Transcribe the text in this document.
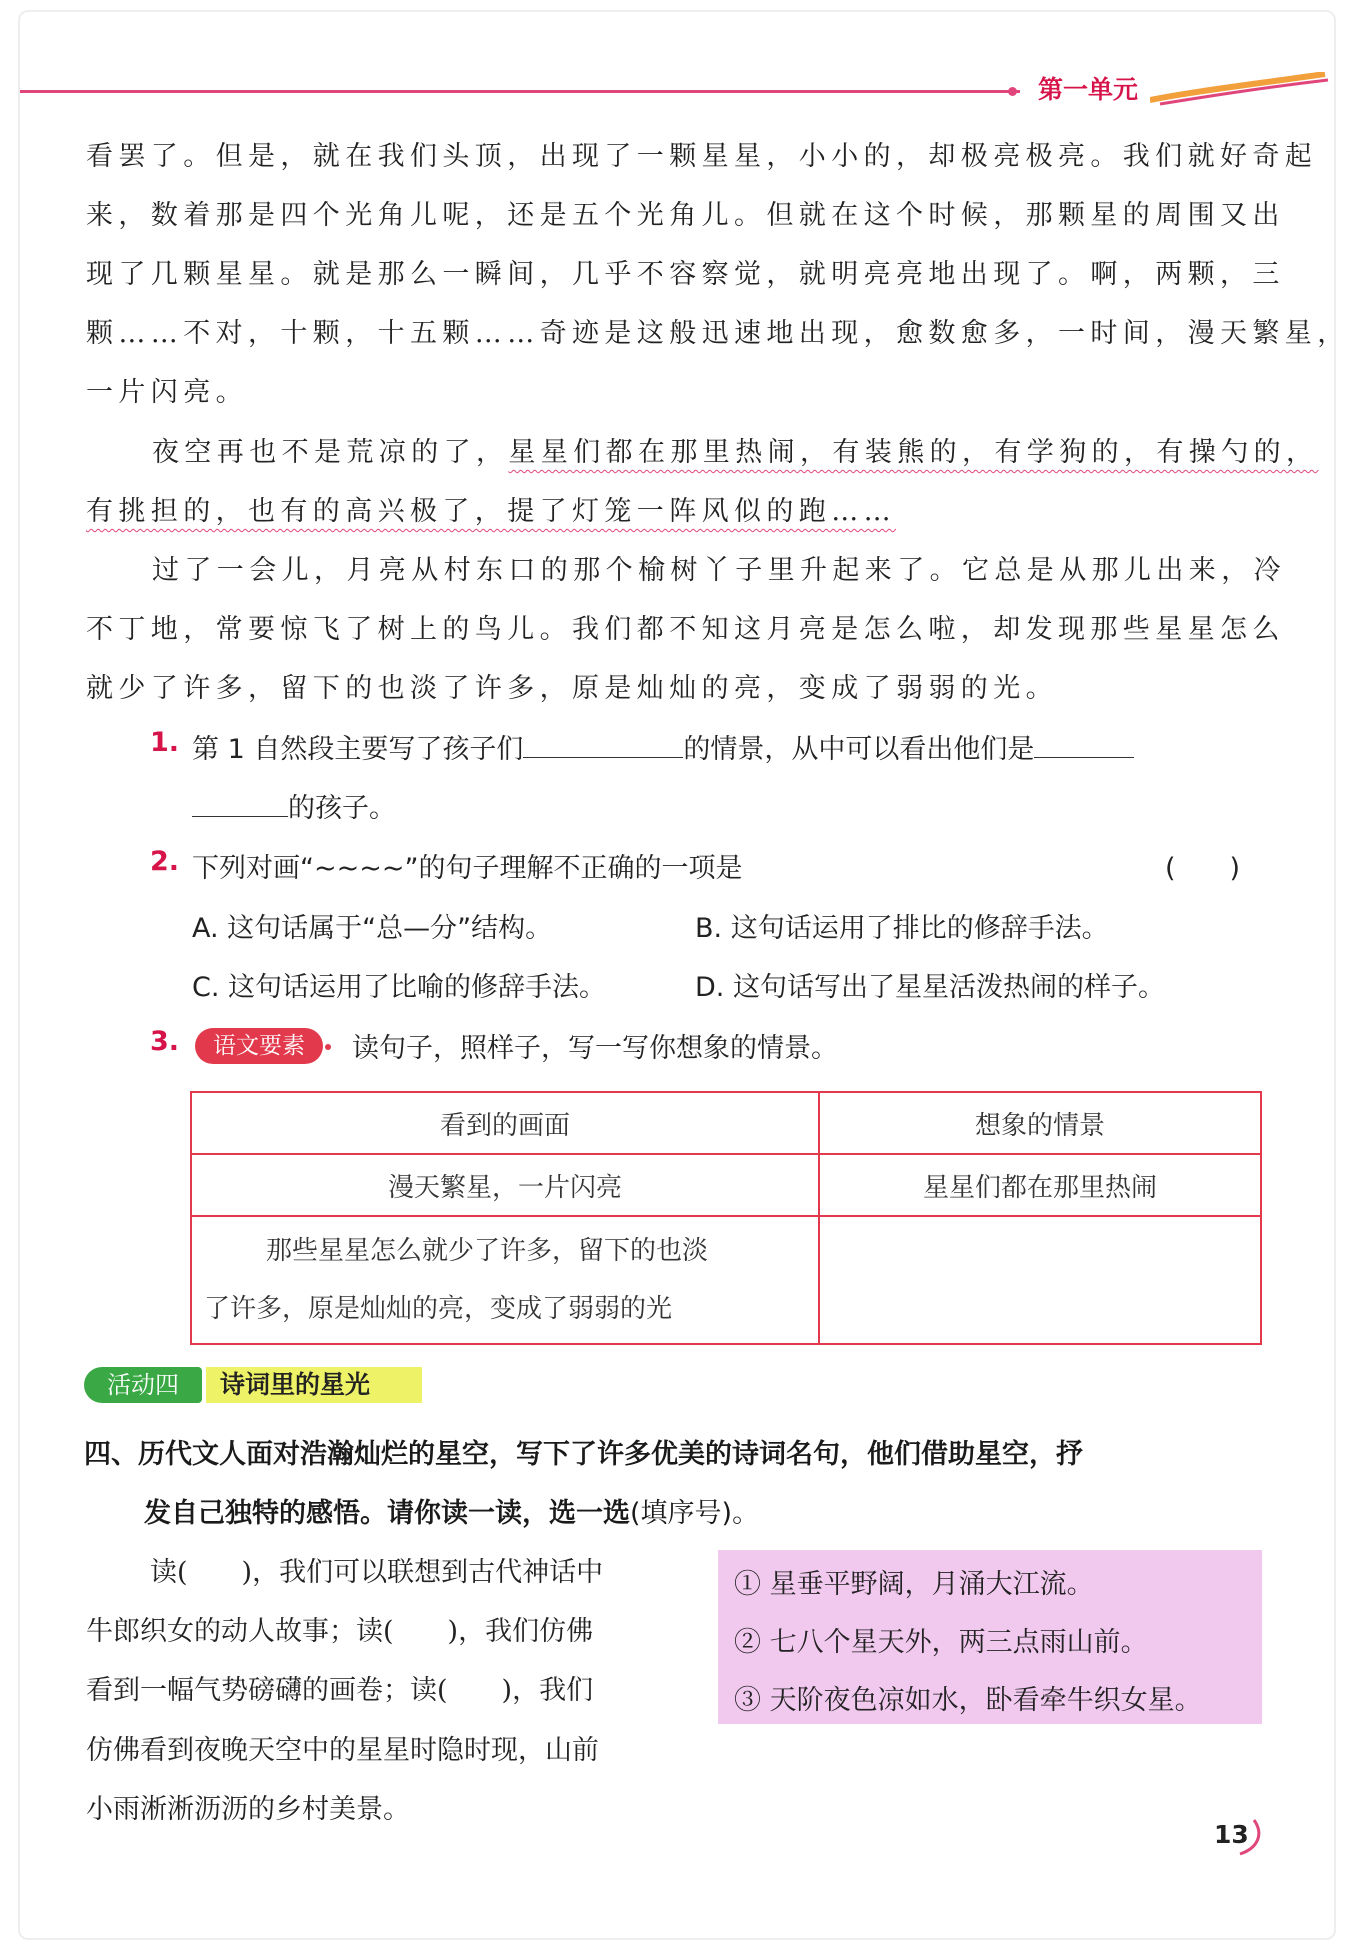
第一单元
看罢了。但是，就在我们头顶，出现了一颗星星，小小的，却极亮极亮。我们就好奇起
来，数着那是四个光角儿呢，还是五个光角儿。但就在这个时候，那颗星的周围又出
现了几颗星星。就是那么一瞬间，几乎不容察觉，就明亮亮地出现了。啊，两颗，三
颗……不对，十颗，十五颗……奇迹是这般迅速地出现，愈数愈多，一时间，漫天繁星，
一片闪亮。
夜空再也不是荒凉的了，星星们都在那里热闹，有装熊的，有学狗的，有操勺的，
有挑担的，也有的高兴极了，提了灯笼一阵风似的跑……
过了一会儿，月亮从村东口的那个榆树丫子里升起来了。它总是从那儿出来，冷
不丁地，常要惊飞了树上的鸟儿。我们都不知这月亮是怎么啦，却发现那些星星怎么
就少了许多，留下的也淡了许多，原是灿灿的亮，变成了弱弱的光。
1. 第 1 自然段主要写了孩子们	的情景，从中可以看出他们是
的孩子。
2. 下列对画“~~~~”的句子理解不正确的一项是	(　　)
A. 这句话属于“总—分”结构。	B. 这句话运用了排比的修辞手法。
C. 这句话运用了比喻的修辞手法。	D. 这句话写出了星星活泼热闹的样子。
3.	语文要素	读句子，照样子，写一写你想象的情景。
看到的画面	想象的情景
漫天繁星，一片闪亮	星星们都在那里热闹

那些星星怎么就少了许多，留下的也淡
了许多，原是灿灿的亮，变成了弱弱的光	

活动四	诗词里的星光
四、历代文人面对浩瀚灿烂的星空，写下了许多优美的诗词名句，他们借助星空，抒
发自己独特的感悟。请你读一读，选一选(填序号)。
读(　　)，我们可以联想到古代神话中
牛郎织女的动人故事；读(　　)，我们仿佛
看到一幅气势磅礴的画卷；读(　　)，我们
仿佛看到夜晚天空中的星星时隐时现，山前
小雨淅淅沥沥的乡村美景。
① 星垂平野阔，月涌大江流。
② 七八个星天外，两三点雨山前。
③ 天阶夜色凉如水，卧看牵牛织女星。
13
